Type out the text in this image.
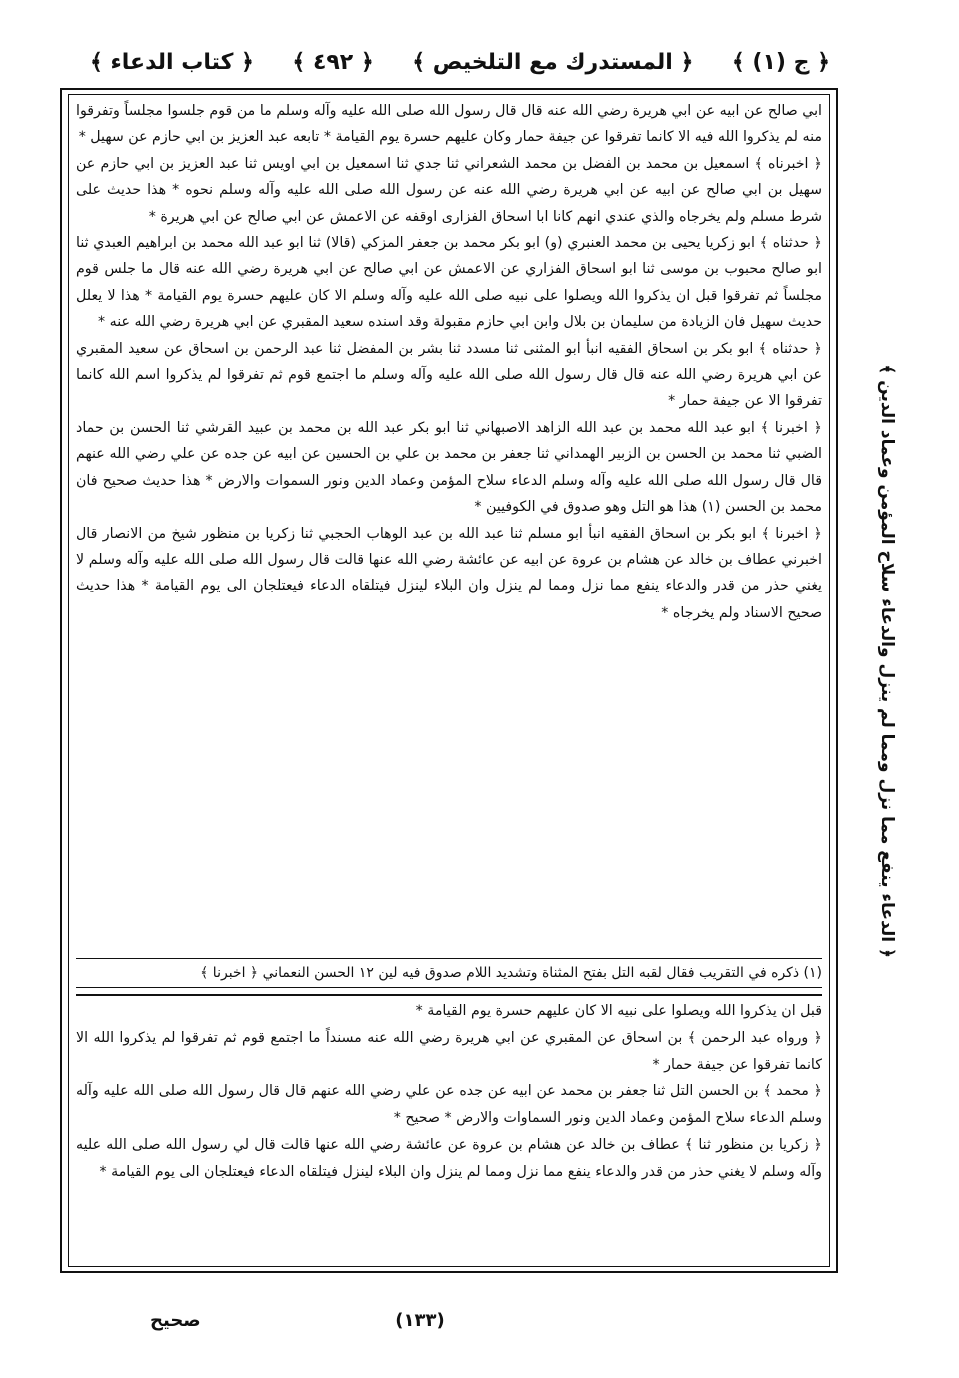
﴿ ج (١) ﴾
﴿ المستدرك مع التلخيص ﴾
﴿ ٤٩٢ ﴾
﴿ كتاب الدعاء ﴾

ابي صالح عن ابيه عن ابي هريرة رضي الله عنه قال قال رسول الله صلى الله عليه وآله وسلم ما من قوم جلسوا مجلساً وتفرقوا منه لم يذكروا الله فيه الا كانما تفرقوا عن جيفة حمار وكان عليهم حسرة يوم القيامة * تابعه عبد العزيز بن ابي حازم عن سهيل *

﴿ اخبرناه ﴾ اسمعيل بن محمد بن الفضل بن محمد الشعراني ثنا جدي ثنا اسمعيل بن ابي اويس ثنا عبد العزيز بن ابي حازم عن سهيل بن ابي صالح عن ابيه عن ابي هريرة رضي الله عنه عن رسول الله صلى الله عليه وآله وسلم نحوه * هذا حديث على شرط مسلم ولم يخرجاه والذي عندي انهم كانا ابا اسحاق الفزارى اوقفه عن الاعمش عن ابي صالح عن ابي هريرة *

﴿ حدثناه ﴾ ابو زكريا يحيى بن محمد العنبري (و) ابو بكر محمد بن جعفر المزكي (قالا) ثنا ابو عبد الله محمد بن ابراهيم العبدي ثنا ابو صالح محبوب بن موسى ثنا ابو اسحاق الفزاري عن الاعمش عن ابي صالح عن ابي هريرة رضي الله عنه قال ما جلس قوم مجلساً ثم تفرقوا قبل ان يذكروا الله ويصلوا على نبيه صلى الله عليه وآله وسلم الا كان عليهم حسرة يوم القيامة * هذا لا يعلل حديث سهيل فان الزيادة من سليمان بن بلال وابن ابي حازم مقبولة وقد اسنده سعيد المقبري عن ابي هريرة رضي الله عنه *

﴿ حدثناه ﴾ ابو بكر بن اسحاق الفقيه انبأ ابو المثنى ثنا مسدد ثنا بشر بن المفضل ثنا عبد الرحمن بن اسحاق عن سعيد المقبري عن ابي هريرة رضي الله عنه قال قال رسول الله صلى الله عليه وآله وسلم ما اجتمع قوم ثم تفرقوا لم يذكروا اسم الله كانما تفرقوا الا عن جيفة حمار *

﴿ اخبرنا ﴾ ابو عبد الله محمد بن عبد الله الزاهد الاصبهاني ثنا ابو بكر عبد الله بن محمد بن عبيد القرشي ثنا الحسن بن حماد الضبي ثنا محمد بن الحسن بن الزبير الهمداني ثنا جعفر بن محمد بن علي بن الحسين عن ابيه عن جده عن علي رضي الله عنهم قال قال رسول الله صلى الله عليه وآله وسلم الدعاء سلاح المؤمن وعماد الدين ونور السموات والارض * هذا حديث صحيح فان محمد بن الحسن (١) هذا هو التل وهو صدوق في الكوفيين *

﴿ اخبرنا ﴾ ابو بكر بن اسحاق الفقيه انبأ ابو مسلم ثنا عبد الله بن عبد الوهاب الحجبي ثنا زكريا بن منظور شيخ من الانصار قال اخبرني عطاف بن خالد عن هشام بن عروة عن ابيه عن عائشة رضي الله عنها قالت قال رسول الله صلى الله عليه وآله وسلم لا يغني حذر من قدر والدعاء ينفع مما نزل ومما لم ينزل وان البلاء لينزل فيتلقاه الدعاء فيعتلجان الى يوم القيامة * هذا حديث صحيح الاسناد ولم يخرجاه *

(١) ذكره في التقريب فقال لقبه التل بفتح المثناة وتشديد اللام صدوق فيه لين ١٢ الحسن النعماني ﴿ اخبرنا ﴾

قبل ان يذكروا الله ويصلوا على نبيه الا كان عليهم حسرة يوم القيامة *

﴿ ورواه عبد الرحمن ﴾ بن اسحاق عن المقبري عن ابي هريرة رضي الله عنه مسنداً ما اجتمع قوم ثم تفرقوا لم يذكروا الله الا كانما تفرقوا عن جيفة حمار *

﴿ محمد ﴾ بن الحسن التل ثنا جعفر بن محمد عن ابيه عن جده عن علي رضي الله عنهم قال قال رسول الله صلى الله عليه وآله وسلم الدعاء سلاح المؤمن وعماد الدين ونور السماوات والارض * صحيح *

﴿ زكريا بن منظور ثنا ﴾ عطاف بن خالد عن هشام بن عروة عن عائشة رضي الله عنها قالت قال لي رسول الله صلى الله عليه وآله وسلم لا يغني حذر من قدر والدعاء ينفع مما نزل ومما لم ينزل وان البلاء لينزل فيتلقاه الدعاء فيعتلجان الى يوم القيامة *

﴿ الدعاء ينفع مما نزل ومما لم ينزل والدعاء سلاح المؤمن وعماد الدين ﴾
صحيح	(١٣٣)
